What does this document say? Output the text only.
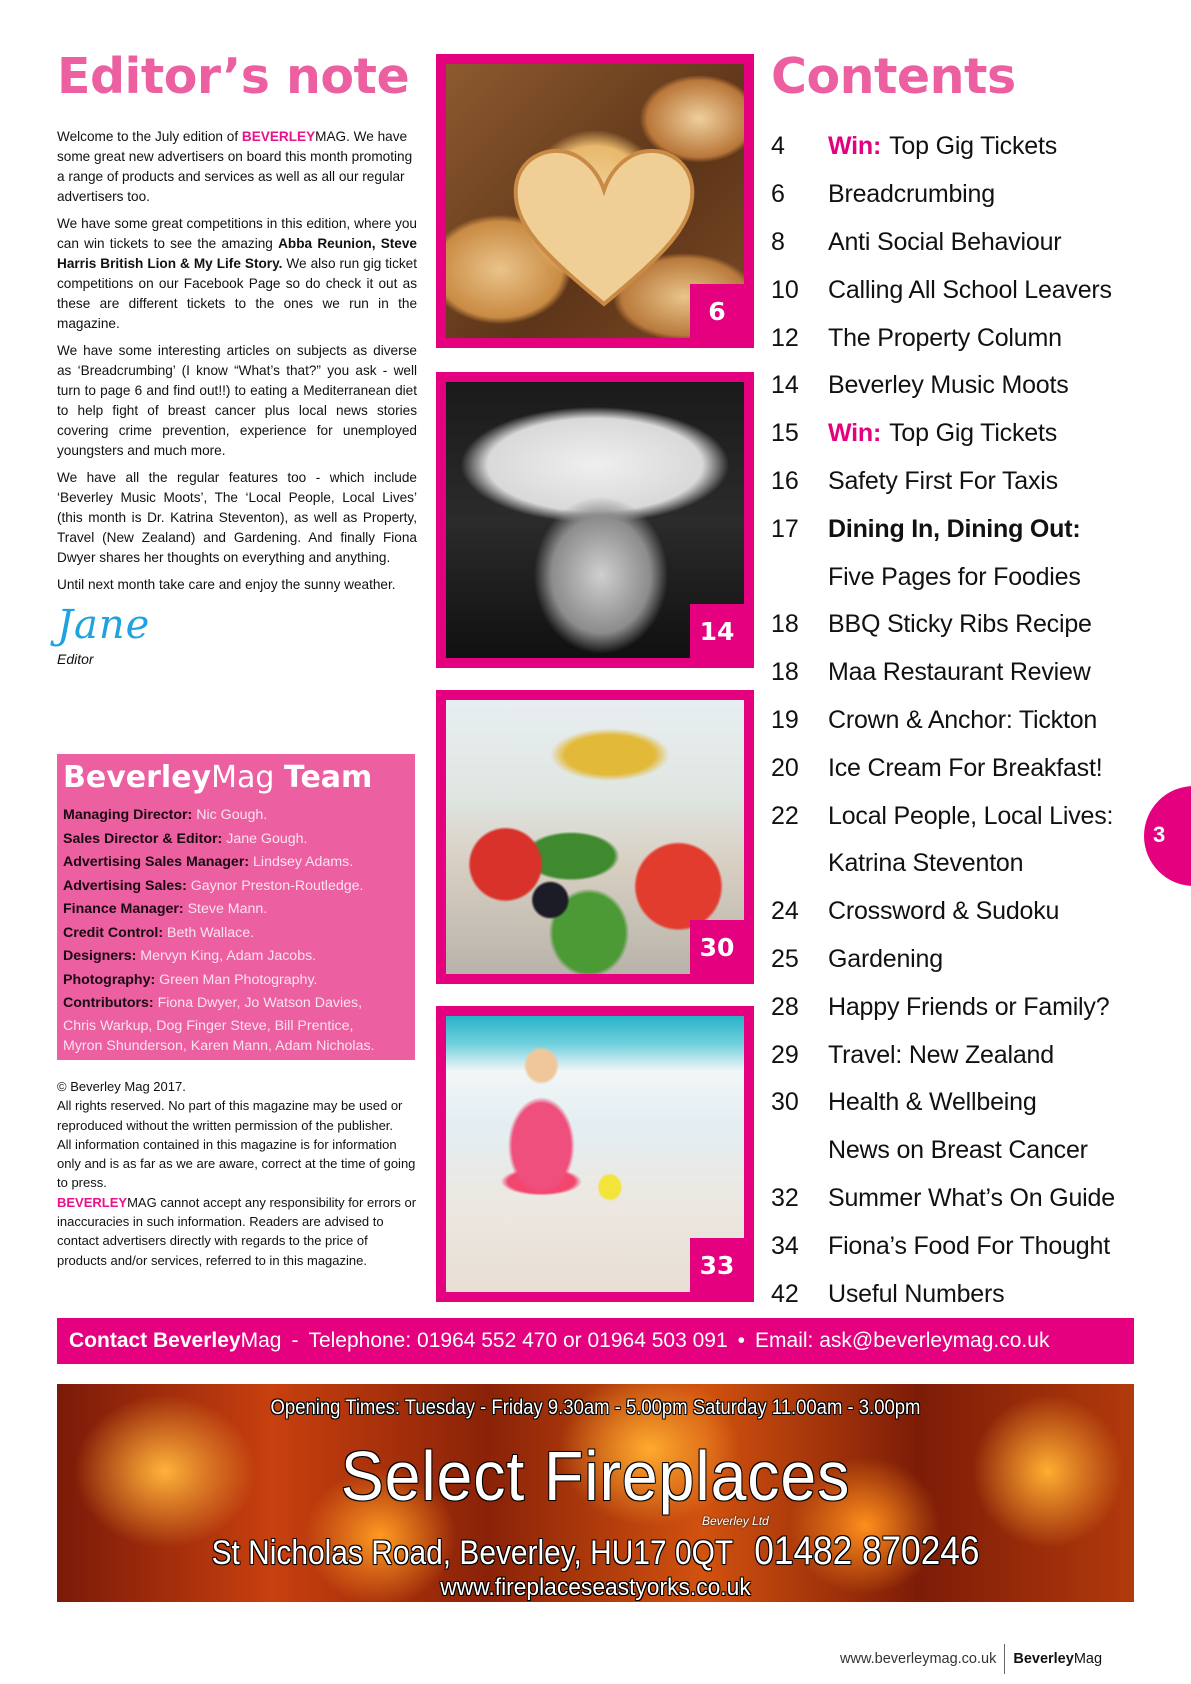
Editor’s note

Welcome to the July edition of BEVERLEYMAG. We have some great new advertisers on board this month promoting a range of products and services as well as all our regular advertisers too.

We have some great competitions in this edition, where you can win tickets to see the amazing Abba Reunion, Steve Harris British Lion & My Life Story. We also run gig ticket competitions on our Facebook Page so do check it out as these are different tickets to the ones we run in the magazine.

We have some interesting articles on subjects as diverse as ‘Breadcrumbing’ (I know “What’s that?” you ask - well turn to page 6 and find out!!) to eating a Mediterranean diet to help fight of breast cancer plus local news stories covering crime prevention, experience for unemployed youngsters and much more.

We have all the regular features too - which include ‘Beverley Music Moots’, The ‘Local People, Local Lives’ (this month is Dr. Katrina Steventon), as well as Property, Travel (New Zealand) and Gardening. And finally Fiona Dwyer shares her thoughts on everything and anything.

Until next month take care and enjoy the sunny weather.

Jane
Editor
BeverleyMag Team
Managing Director: Nic Gough.
Sales Director & Editor: Jane Gough.
Advertising Sales Manager: Lindsey Adams.
Advertising Sales: Gaynor Preston-Routledge.
Finance Manager: Steve Mann.
Credit Control: Beth Wallace.
Designers: Mervyn King, Adam Jacobs.
Photography: Green Man Photography.
Contributors: Fiona Dwyer, Jo Watson Davies,
Chris Warkup, Dog Finger Steve, Bill Prentice,
Myron Shunderson, Karen Mann, Adam Nicholas.
© Beverley Mag 2017.
All rights reserved. No part of this magazine may be used or reproduced without the written permission of the publisher.
All information contained in this magazine is for information only and is as far as we are aware, correct at the time of going to press.
BEVERLEYMAG cannot accept any responsibility for errors or inaccuracies in such information. Readers are advised to contact advertisers directly with regards to the price of products and/or services, referred to in this magazine.
6
14
30
33
Contents
4	Win: Top Gig Tickets
6	Breadcrumbing
8	Anti Social Behaviour
10	Calling All School Leavers
12	The Property Column
14	Beverley Music Moots
15	Win: Top Gig Tickets
16	Safety First For Taxis
17	Dining In, Dining Out:
Five Pages for Foodies
18	BBQ Sticky Ribs Recipe
18	Maa Restaurant Review
19	Crown & Anchor: Tickton
20	Ice Cream For Breakfast!
22	Local People, Local Lives:
Katrina Steventon
24	Crossword & Sudoku
25	Gardening
28	Happy Friends or Family?
29	Travel: New Zealand
30	Health & Wellbeing
News on Breast Cancer
32	Summer What’s On Guide
34	Fiona’s Food For Thought
42	Useful Numbers
3
Contact Beverley Mag - Telephone: 01964 552 470 or 01964 503 091 • Email: ask@beverleymag.co.uk
Opening Times: Tuesday - Friday 9.30am - 5.00pm Saturday 11.00am - 3.00pm
Select Fireplaces
Beverley Ltd
St Nicholas Road, Beverley, HU17 0QT 01482 870246
www.fireplaceseastyorks.co.uk
www.beverleymag.co.uk BeverleyMag
